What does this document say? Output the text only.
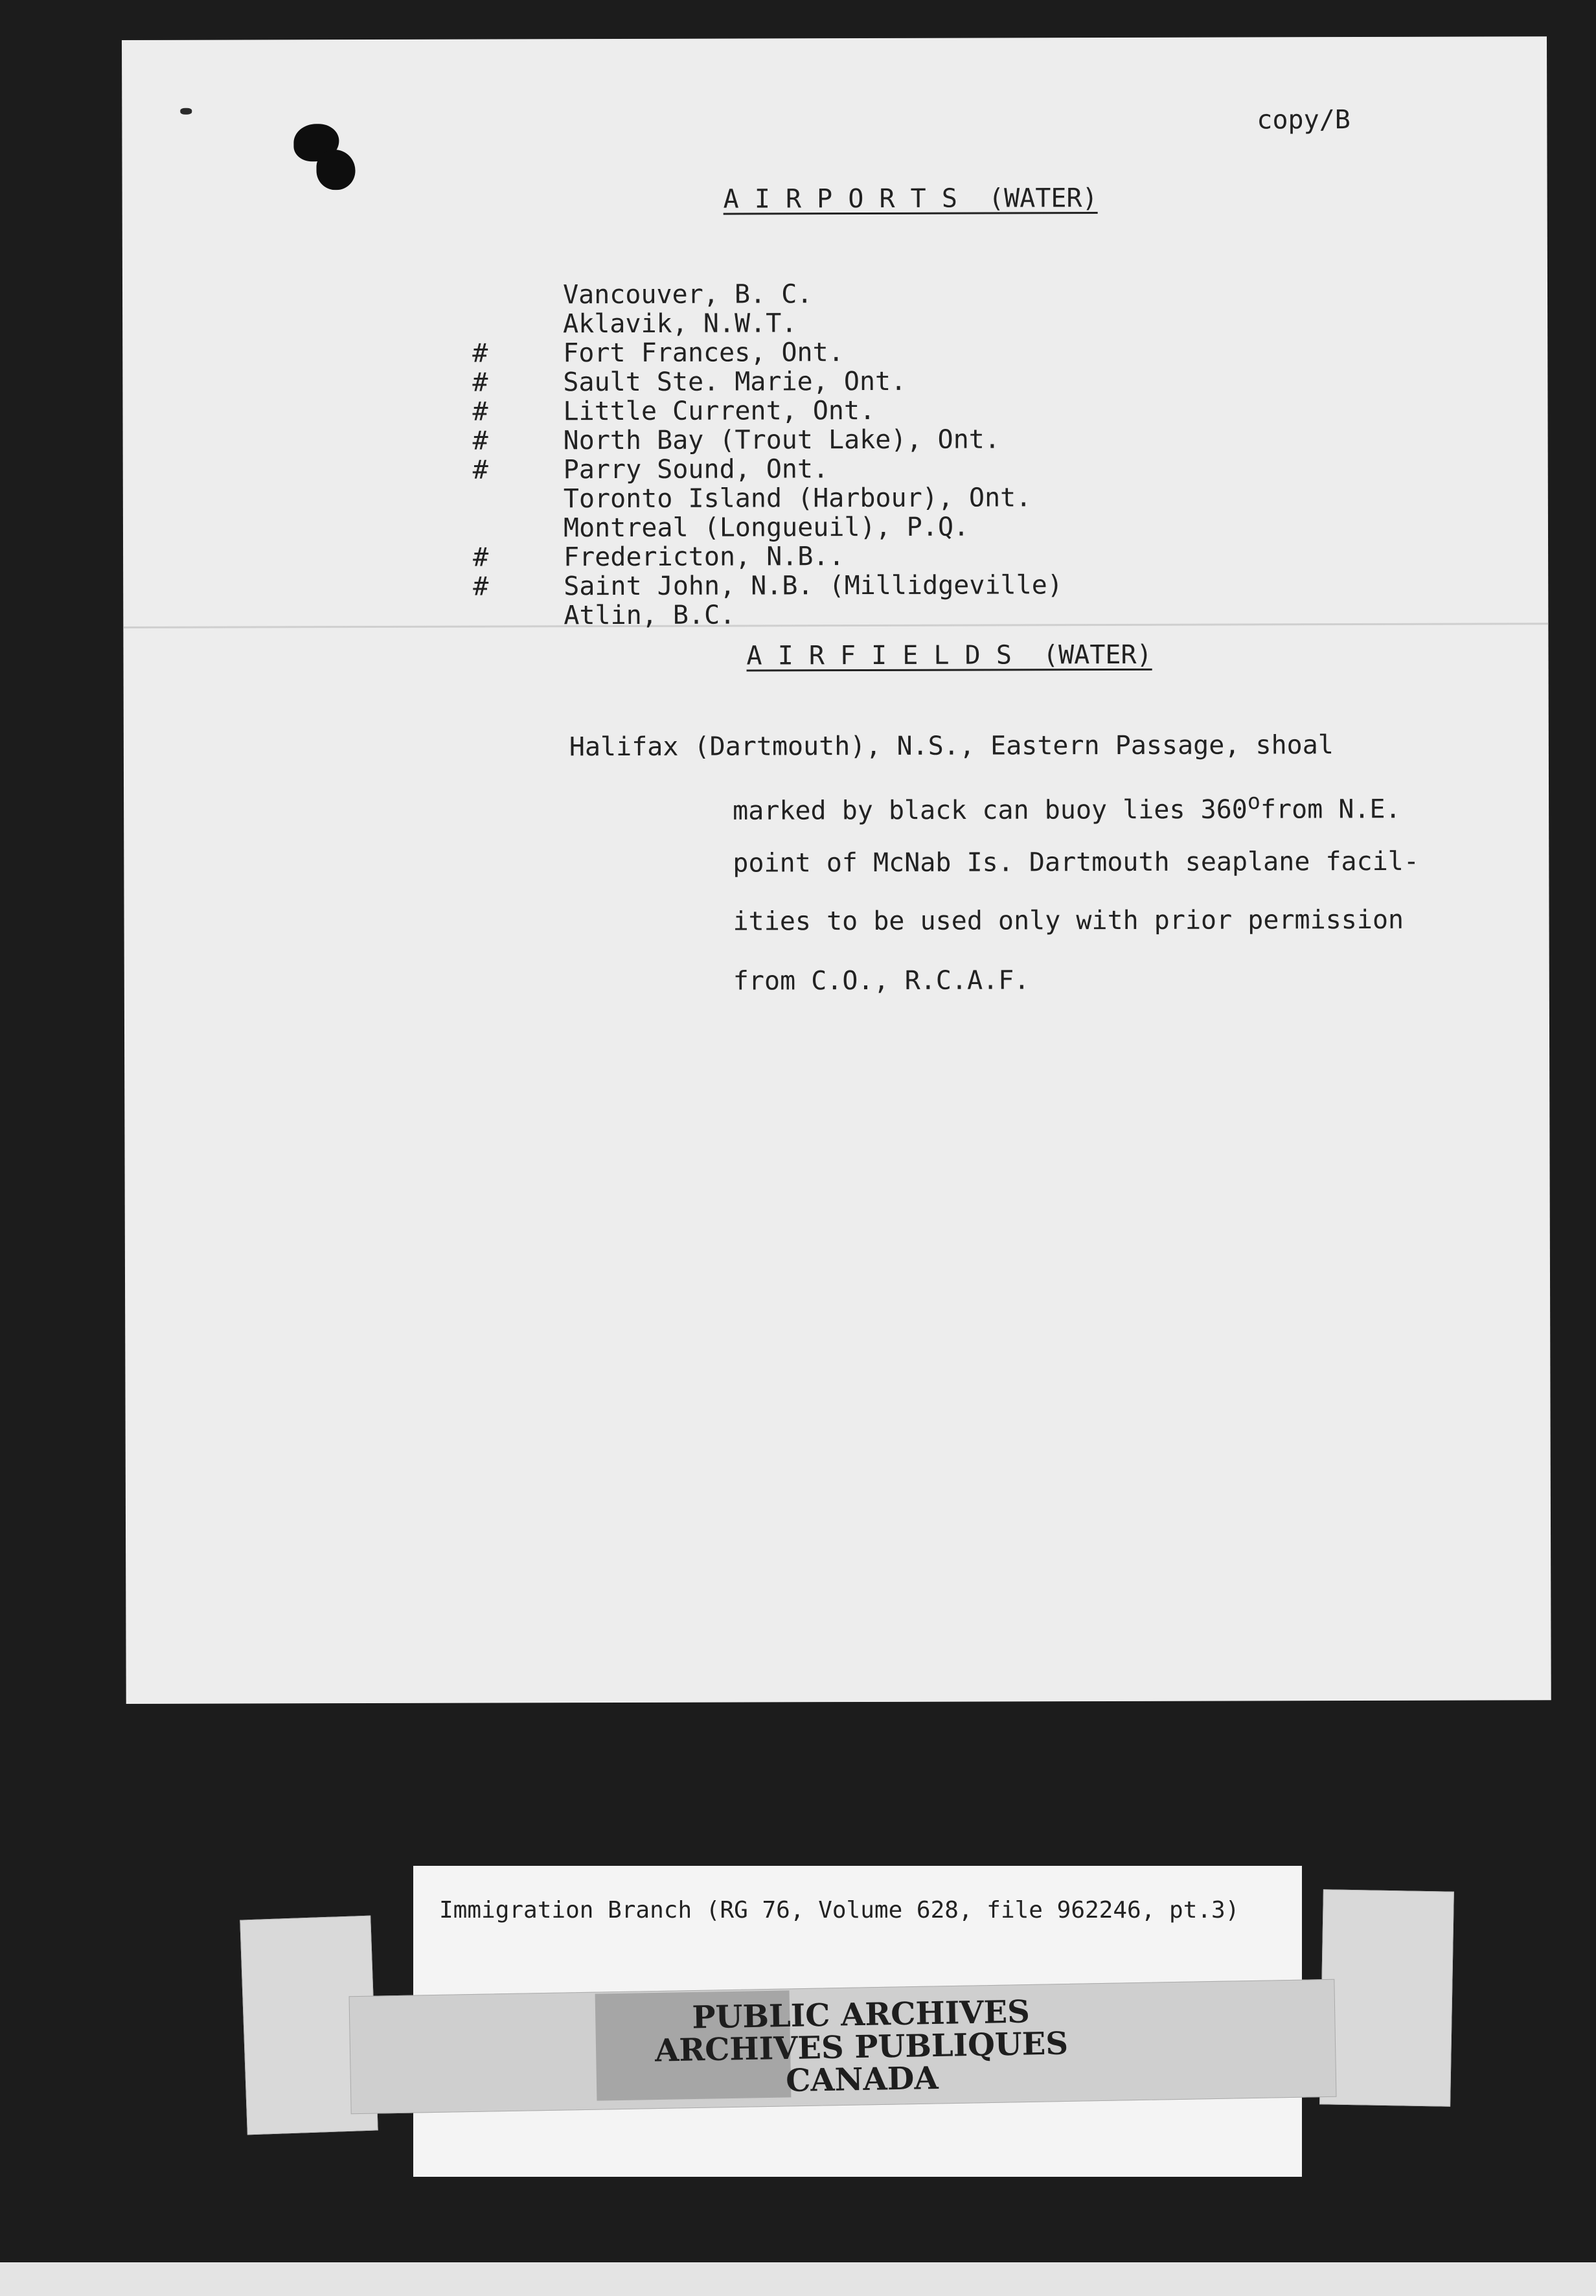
copy/B
A I R P O R T S  (WATER)
Vancouver, B. C.
Aklavik, N.W.T.
#	Fort Frances, Ont.
#	Sault Ste. Marie, Ont.
#	Little Current, Ont.
#	North Bay (Trout Lake), Ont.
#	Parry Sound, Ont.
Toronto Island (Harbour), Ont.
Montreal (Longueuil), P.Q.
#	Fredericton, N.B..
#	Saint John, N.B. (Millidgeville)
Atlin, B.C.
A I R F I E L D S  (WATER)
Halifax (Dartmouth), N.S., Eastern Passage, shoal
marked by black can buoy lies 360$^o$from N.E.
point of McNab Is. Dartmouth seaplane facil-
ities to be used only with prior permission
from C.O., R.C.A.F.
Immigration Branch (RG 76, Volume 628, file 962246, pt.3)
PUBLIC ARCHIVES
ARCHIVES PUBLIQUES
CANADA
